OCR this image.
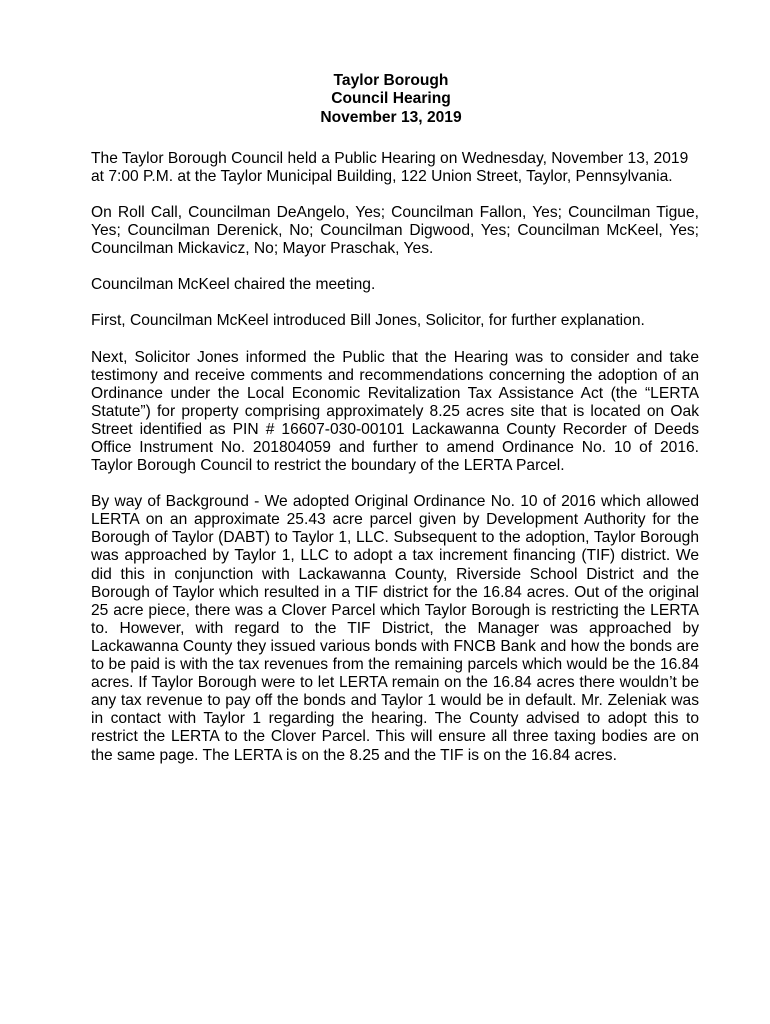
Taylor Borough
Council Hearing
November 13, 2019

The Taylor Borough Council held a Public Hearing on Wednesday, November 13, 2019 at 7:00 P.M. at the Taylor Municipal Building, 122 Union Street, Taylor, Pennsylvania.

On Roll Call, Councilman DeAngelo, Yes; Councilman Fallon, Yes; Councilman Tigue, Yes; Councilman Derenick, No; Councilman Digwood, Yes; Councilman McKeel, Yes; Councilman Mickavicz, No; Mayor Praschak, Yes.

Councilman McKeel chaired the meeting.

First, Councilman McKeel introduced Bill Jones, Solicitor, for further explanation.

Next, Solicitor Jones informed the Public that the Hearing was to consider and take testimony and receive comments and recommendations concerning the adoption of an Ordinance under the Local Economic Revitalization Tax Assistance Act (the “LERTA Statute”) for property comprising approximately 8.25 acres site that is located on Oak Street identified as PIN # 16607-030-00101 Lackawanna County Recorder of Deeds Office Instrument No. 201804059 and further to amend Ordinance No. 10 of 2016. Taylor Borough Council to restrict the boundary of the LERTA Parcel.

By way of Background - We adopted Original Ordinance No. 10 of 2016 which allowed LERTA on an approximate 25.43 acre parcel given by Development Authority for the Borough of Taylor (DABT) to Taylor 1, LLC. Subsequent to the adoption, Taylor Borough was approached by Taylor 1, LLC to adopt a tax increment financing (TIF) district. We did this in conjunction with Lackawanna County, Riverside School District and the Borough of Taylor which resulted in a TIF district for the 16.84 acres. Out of the original 25 acre piece, there was a Clover Parcel which Taylor Borough is restricting the LERTA to. However, with regard to the TIF District, the Manager was approached by Lackawanna County they issued various bonds with FNCB Bank and how the bonds are to be paid is with the tax revenues from the remaining parcels which would be the 16.84 acres. If Taylor Borough were to let LERTA remain on the 16.84 acres there wouldn’t be any tax revenue to pay off the bonds and Taylor 1 would be in default. Mr. Zeleniak was in contact with Taylor 1 regarding the hearing. The County advised to adopt this to restrict the LERTA to the Clover Parcel. This will ensure all three taxing bodies are on the same page. The LERTA is on the 8.25 and the TIF is on the 16.84 acres.
